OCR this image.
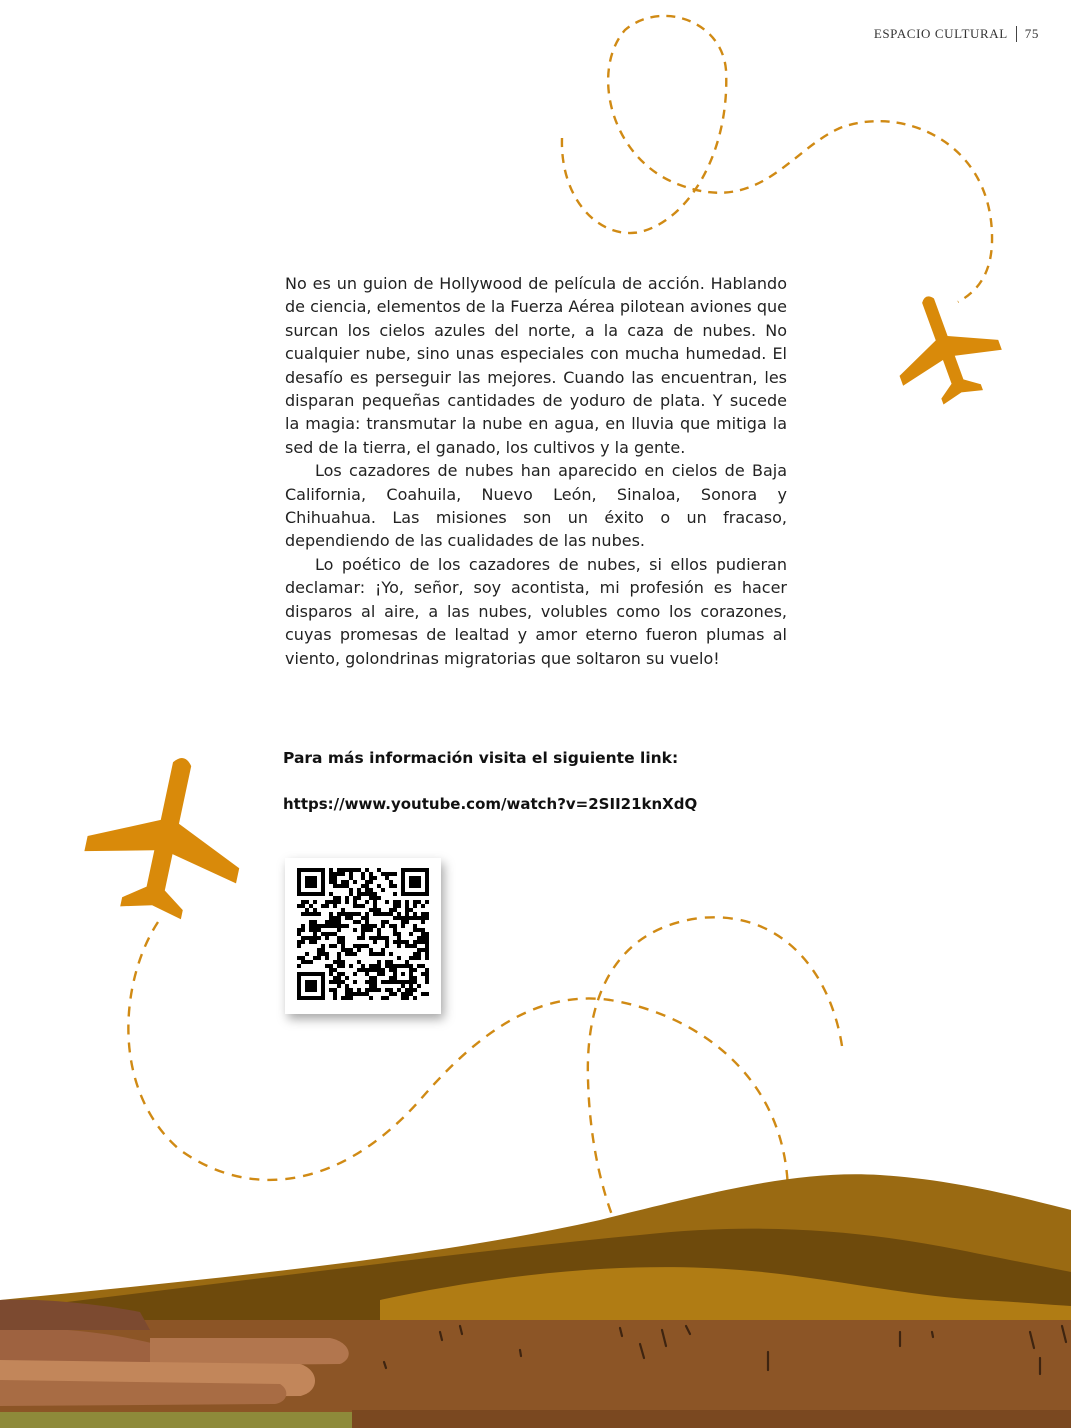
ESPACIO CULTURAL 75

No es un guion de Hollywood de película de acción. Hablando de ciencia, elementos de la Fuerza Aérea pilotean aviones que surcan los cielos azules del norte, a la caza de nubes. No cualquier nube, sino unas especiales con mucha humedad. El desafío es perseguir las mejores. Cuando las encuentran, les disparan pequeñas cantidades de yoduro de plata. Y sucede la magia: transmutar la nube en agua, en lluvia que mitiga la sed de la tierra, el ganado, los cultivos y la gente.

Los cazadores de nubes han aparecido en cielos de Baja California, Coahuila, Nuevo León, Sinaloa, Sonora y Chihuahua. Las misiones son un éxito o un fracaso, dependiendo de las cualidades de las nubes.

Lo poético de los cazadores de nubes, si ellos pudieran declamar: ¡Yo, señor, soy acontista, mi profesión es hacer disparos al aire, a las nubes, volubles como los corazones, cuyas promesas de lealtad y amor eterno fueron plumas al viento, golondrinas migratorias que soltaron su vuelo!

Para más información visita el siguiente link:
https://www.youtube.com/watch?v=2SII21knXdQ
